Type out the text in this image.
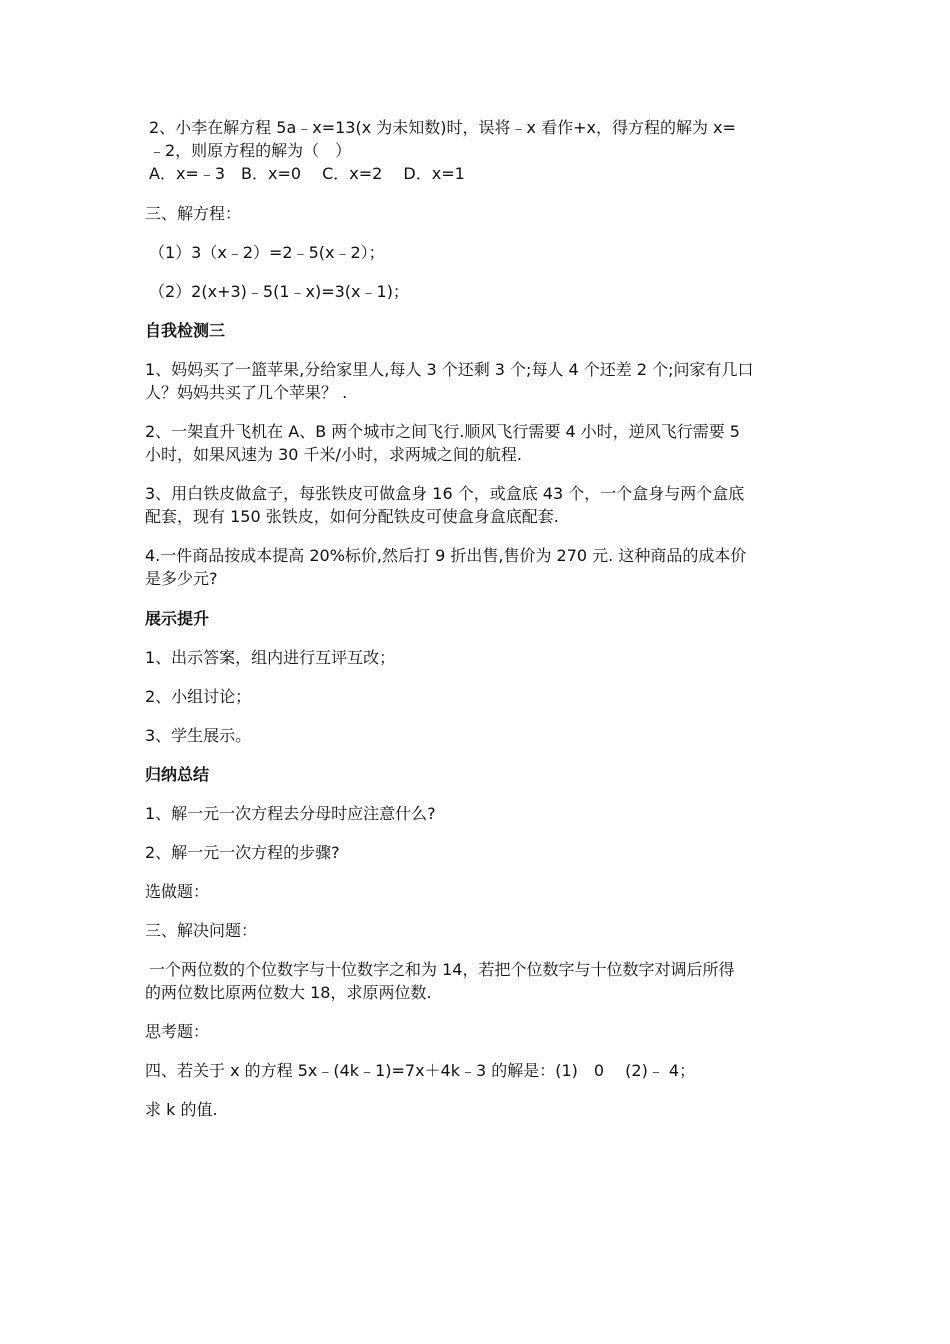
2、小李在解方程 5a﹣x=13(x 为未知数)时，误将﹣x 看作+x，得方程的解为 x=
﹣2，则原方程的解为（　）
A．x=﹣3　B．x=0　 C．x=2　 D．x=1
三、解方程：
（1）3（x﹣2）=2﹣5(x﹣2）；
（2）2(x+3)﹣5(1﹣x)=3(x﹣1)；
自我检测三
1、妈妈买了一篮苹果,分给家里人,每人 3 个还剩 3 个;每人 4 个还差 2 个;问家有几口
人？妈妈共买了几个苹果？ .
2、一架直升飞机在 A、B 两个城市之间飞行.顺风飞行需要 4 小时，逆风飞行需要 5
小时，如果风速为 30 千米/小时，求两城之间的航程.
3、用白铁皮做盒子，每张铁皮可做盒身 16 个，或盒底 43 个，一个盒身与两个盒底
配套，现有 150 张铁皮，如何分配铁皮可使盒身盒底配套.
4.一件商品按成本提高 20%标价,然后打 9 折出售,售价为 270 元. 这种商品的成本价
是多少元?
展示提升
1、出示答案，组内进行互评互改；
2、小组讨论；
3、学生展示。
归纳总结
1、解一元一次方程去分母时应注意什么?
2、解一元一次方程的步骤?
选做题：
三、解决问题：
一个两位数的个位数字与十位数字之和为 14，若把个位数字与十位数字对调后所得
的两位数比原两位数大 18，求原两位数.
思考题：
四、若关于 x 的方程 5x﹣(4k﹣1)=7x＋4k﹣3 的解是：(1)　0　 (2)﹣ 4；
求 k 的值.
